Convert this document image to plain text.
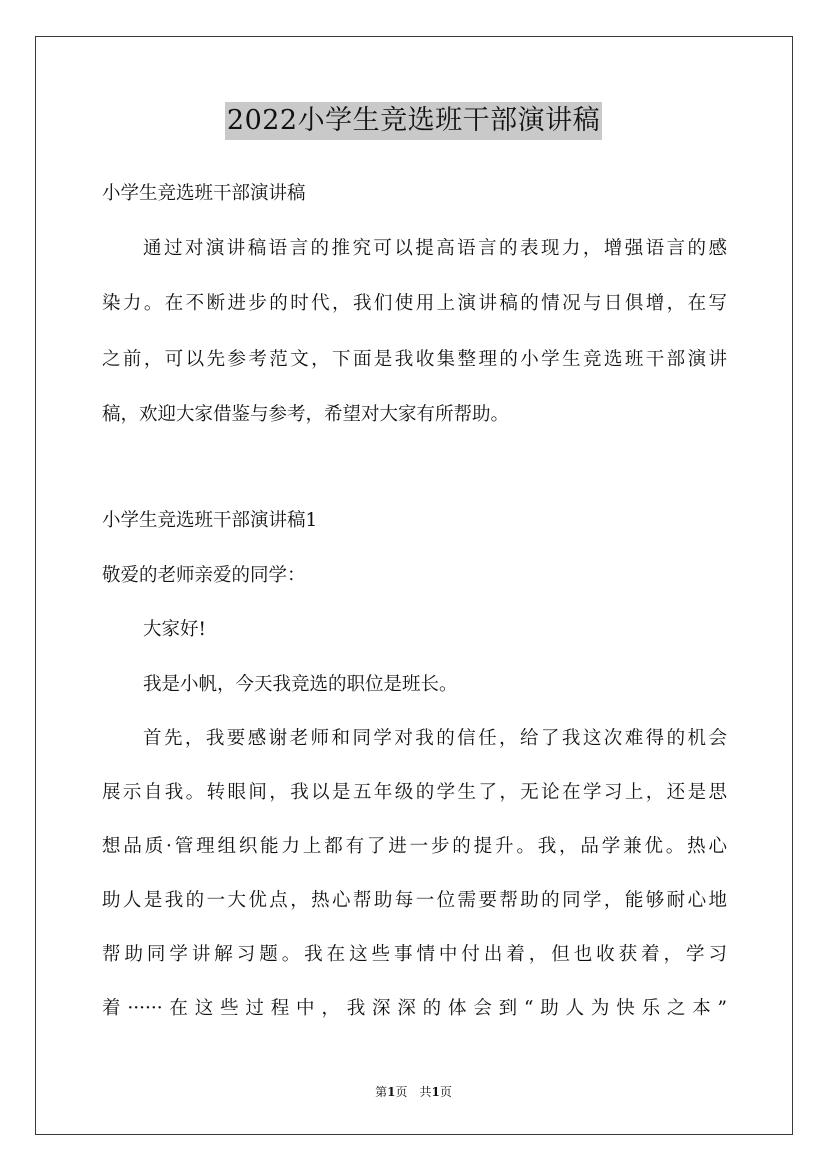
2022小学生竞选班干部演讲稿
小学生竞选班干部演讲稿
通过对演讲稿语言的推究可以提高语言的表现力，增强语言的感
染力。在不断进步的时代，我们使用上演讲稿的情况与日俱增，在写
之前，可以先参考范文，下面是我收集整理的小学生竞选班干部演讲
稿，欢迎大家借鉴与参考，希望对大家有所帮助。
小学生竞选班干部演讲稿1
敬爱的老师亲爱的同学：
大家好!
我是小帆，今天我竞选的职位是班长。
首先，我要感谢老师和同学对我的信任，给了我这次难得的机会
展示自我。转眼间，我以是五年级的学生了，无论在学习上，还是思
想品质·管理组织能力上都有了进一步的提升。我，品学兼优。热心
助人是我的一大优点，热心帮助每一位需要帮助的同学，能够耐心地
帮助同学讲解习题。我在这些事情中付出着，但也收获着，学习
着······在这些过程中，我深深的体会到“助人为快乐之本”
第1页　共1页
